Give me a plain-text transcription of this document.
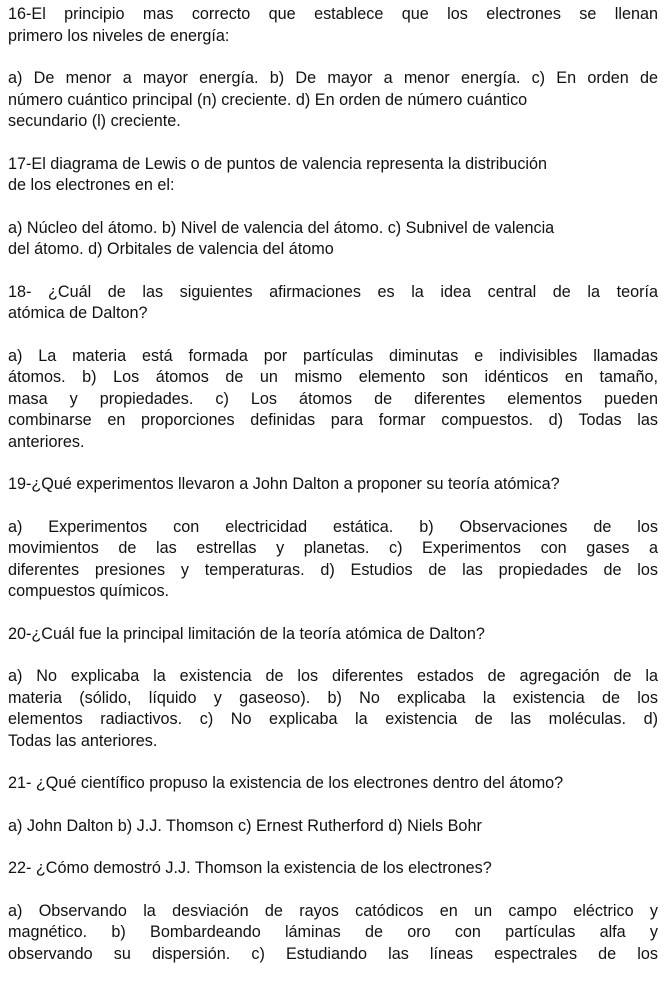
16-El principio mas correcto que establece que los electrones se llenan
primero los niveles de energía:

a) De menor a mayor energía. b) De mayor a menor energía. c) En orden de
número cuántico principal (n) creciente. d) En orden de número cuántico
secundario (l) creciente.

17-El diagrama de Lewis o de puntos de valencia representa la distribución
de los electrones en el:

a) Núcleo del átomo. b) Nivel de valencia del átomo. c) Subnivel de valencia
del átomo. d) Orbitales de valencia del átomo

18- ¿Cuál de las siguientes afirmaciones es la idea central de la teoría
atómica de Dalton?

a) La materia está formada por partículas diminutas e indivisibles llamadas
átomos. b) Los átomos de un mismo elemento son idénticos en tamaño,
masa y propiedades. c) Los átomos de diferentes elementos pueden
combinarse en proporciones definidas para formar compuestos. d) Todas las
anteriores.

19-¿Qué experimentos llevaron a John Dalton a proponer su teoría atómica?

a) Experimentos con electricidad estática. b) Observaciones de los
movimientos de las estrellas y planetas. c) Experimentos con gases a
diferentes presiones y temperaturas. d) Estudios de las propiedades de los
compuestos químicos.

20-¿Cuál fue la principal limitación de la teoría atómica de Dalton?

a) No explicaba la existencia de los diferentes estados de agregación de la
materia (sólido, líquido y gaseoso). b) No explicaba la existencia de los
elementos radiactivos. c) No explicaba la existencia de las moléculas. d)
Todas las anteriores.

21- ¿Qué científico propuso la existencia de los electrones dentro del átomo?

a) John Dalton b) J.J. Thomson c) Ernest Rutherford d) Niels Bohr

22- ¿Cómo demostró J.J. Thomson la existencia de los electrones?

a) Observando la desviación de rayos catódicos en un campo eléctrico y
magnético. b) Bombardeando láminas de oro con partículas alfa y
observando su dispersión. c) Estudiando las líneas espectrales de los
